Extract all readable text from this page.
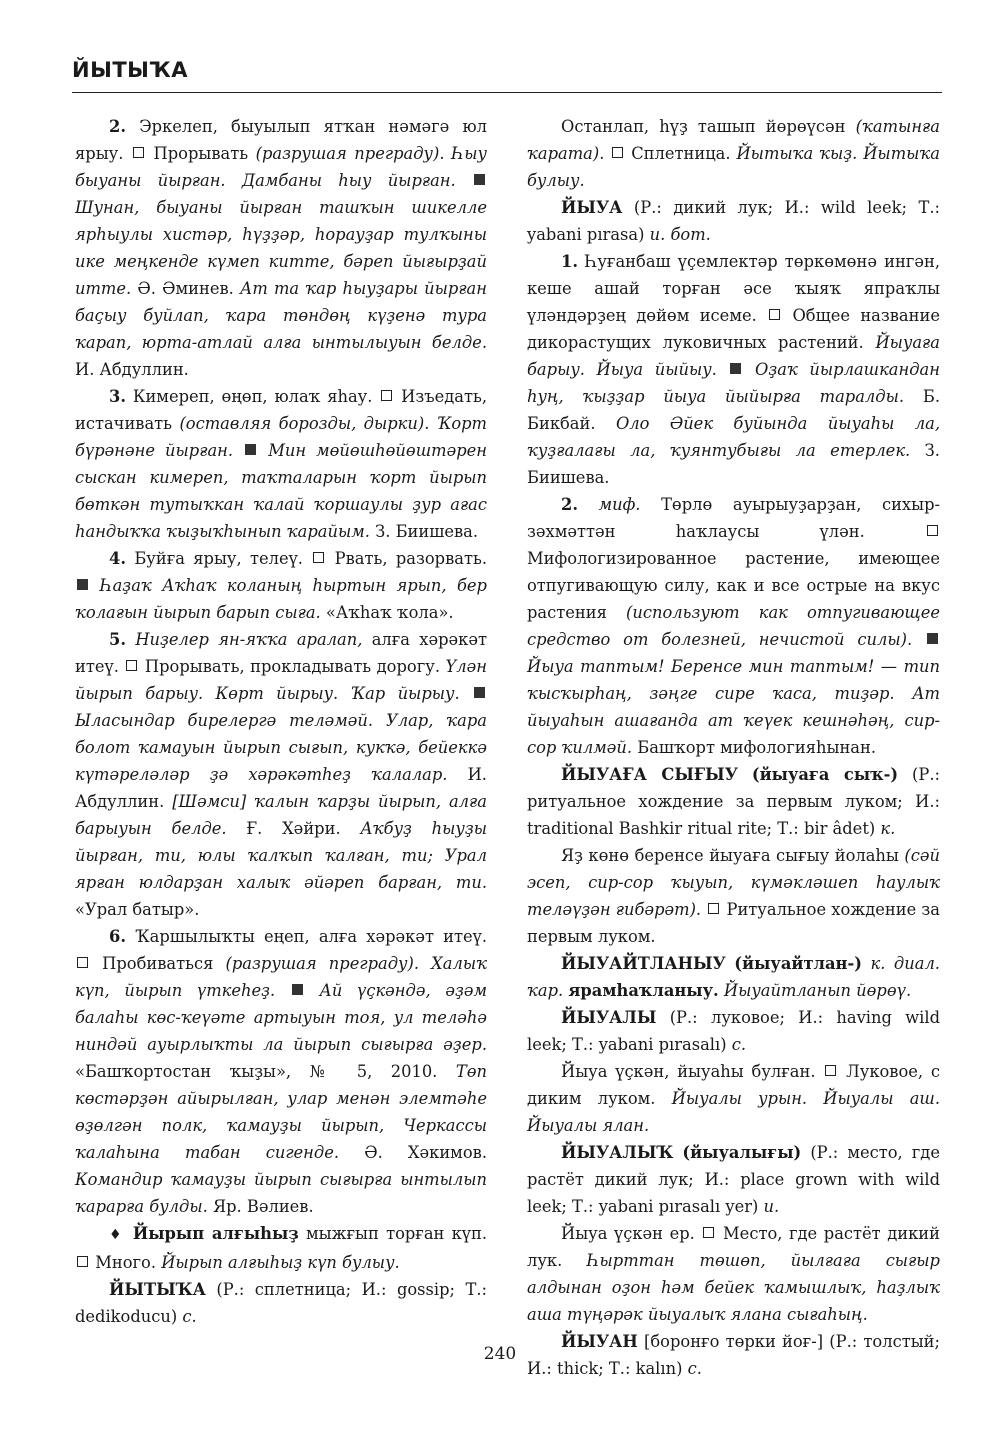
ЙЫТЫҠА

2. Эркелеп, быуылып ятҡан нәмәгә юл ярыу. Прорывать (разрушая преграду). Һыу быуаны йырған. Дамбаны һыу йырған.  Шунан, быуаны йырған ташҡын шикелле ярһыулы хистәр, һүҙҙәр, һорауҙар тулҡыны ике меңкенде күмеп китте, бәреп йығырҙай итте. Ә. Әминев. Ат та ҡар һыуҙары йырған баҫыу буйлап, ҡара төндөң күҙенә тура ҡарап, юрта-атлай алға ынтылыуын белде. И. Абдуллин.

3. Кимереп, өңөп, юлаҡ яһау. Изъедать, истачивать (оставляя борозды, дырки). Ҡорт бүрәнәне йырған. Мин мөйөшһөйөштәрен сыскан кимереп, таҡталарын ҡорт йырып бөткән тутыҡкан ҡалай ҡоршаулы ҙур ағас һандыҡҡа ҡыҙыҡһынып ҡарайым. З. Биишева.

4. Буйға ярыу, телеү. Рвать, разорвать.  Һаҙаҡ Аҡһаҡ коланың һыртын ярып, бер ҡолағын йырып барып сыға. «Аҡһаҡ ҡола».

5. Ниҙелер ян-яҡҡа аралап, алға хәрәкәт итеү. Прорывать, прокладывать дорогу. Үлән йырып барыу. Көрт йырыу. Ҡар йырыу.  Ылаcындар бирелергә теләмәй. Улар, ҡара болот ҡамауын йырып сығып, кукҡә, бейеккә күтәреләләр ҙә хәрәкәтһеҙ ҡалалар. И. Абдуллин. [Шәмси] ҡалын ҡарҙы йырып, алға барыуын белде. Ғ. Хәйри. Аҡбуҙ һыуҙы йырған, ти, юлы ҡалҡып ҡалған, ти; Урал ярған юлдарҙан халыҡ әйәреп барған, ти. «Урал батыр».

6. Ҡаршылыҡты еңеп, алға хәрәкәт итеү.  Пробиваться (разрушая преграду). Халыҡ күп, йырып үткеһеҙ.	Ай үҫкәндә, әҙәм балаһы көс-ҡеүәте артыуын тоя, ул теләһә ниндәй ауырлыҡты ла йырып сығырға әҙер. «Башҡортостан ҡыҙы», № 5, 2010. Төп көстәрҙән айырылған, улар менән элемтәһе өҙөлгән полк, ҡамауҙы йырып, Черкассы ҡалаһына табан сигенде. Ә. Хәкимов. Командир ҡамауҙы йырып сығырға ынтылып ҡарарға булды. Яр. Вәлиев.

♦ Йырып алғыһыҙ мыжғып торған күп.  Много. Йырып алғыһыҙ күп булыу.

ЙЫТЫҠА (Р.: сплетница; И.: gossip; Т.: dedikoducu) с.

Останлап, һүҙ ташып йөрөүсән (ҡатынға ҡарата). Сплетница. Йытыҡа ҡыҙ. Йытыҡа булыу.

ЙЫУА (Р.: дикий лук; И.: wild leek; Т.: yabani pırasa) и. бот.

1. Һуғанбаш үҫемлектәр төркөмөнә ингән, кеше ашай торған әсе ҡыяҡ япраҡлы үләндәрҙең дөйөм исеме. Общее название дикорастущих луковичных растений. Йыуаға барыу. Йыуа йыйыу. Оҙаҡ йырлашкандан һуң, ҡыҙҙар йыуа йыйырға таралды. Б. Бикбай. Оло Әйек буйында йыуаһы ла, ҡуҙғалағы ла, ҡуянтубығы ла етерлек. З. Биишева.

2. миф. Төрлө ауырыуҙарҙан, сихыр-зәхмәттән һаҡлаусы үлән.  Мифологизированное растение, имеющее отпугивающую силу, как и все острые на вкус растения (используют как отпугивающее средство от болезней, нечистой силы).  Йыуа таптым! Беренсе мин таптым! — тип ҡысҡырһаң, зәңге сире ҡаса, тиҙәр. Ат йыуаһын ашағанда ат ҡеүек кешнәһәң, сир-сор ҡилмәй. Башҡорт мифологияһынан.

ЙЫУАҒА СЫҒЫУ (йыуаға сыҡ-) (Р.: ритуальное хождение за первым луком; И.: traditional Bashkir ritual rite; Т.: bir âdet) к.

Яҙ көнө беренсе йыуаға сығыу йолаһы (сәй эсеп, сир-сор ҡыуып, күмәкләшеп һаулыҡ теләүҙән ғибәрәт). Ритуальное хождение за первым луком.

ЙЫУАЙТЛАНЫУ (йыуайтлан-) к. диал. ҡар. ярамһаҡланыу. Йыуайтланып йөрөү.

ЙЫУАЛЫ (Р.: луковое; И.: having wild leek; Т.: yabani pırasalı) с.

Йыуа үҫкән, йыуаһы булған. Луковое, с диким луком. Йыуалы урын. Йыуалы аш. Йыуалы ялан.

ЙЫУАЛЫҠ (йыуалығы) (Р.: место, где растёт дикий лук; И.: place grown with wild leek; Т.: yabani pırasalı yer) и.

Йыуа үҫкән ер. Место, где растёт дикий лук. Һырттан төшөп, йылғаға сығыр алдынан оҙон һәм бейек ҡамышлыҡ, һаҙлыҡ аша түңәрәк йыуалыҡ ялана сығаһың.

ЙЫУАН [боронғо төрки йоғ-] (Р.: толстый; И.: thick; Т.: kalın) с.

240
